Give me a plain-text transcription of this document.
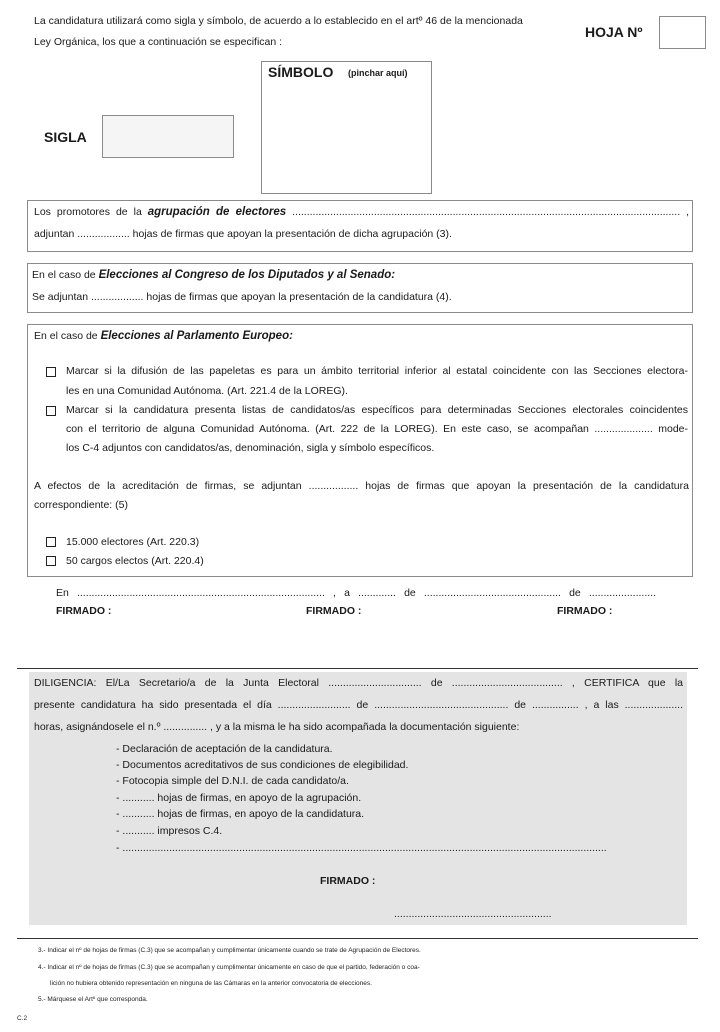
La candidatura utilizará como sigla y símbolo, de acuerdo a lo establecido en el artº 46 de la mencionada
Ley Orgánica, los que a continuación se especifican :
HOJA Nº
SÍMBOLO (pinchar aquí)
SIGLA
Los promotores de la agrupación de electores ..................................................................................................................................... ,
adjuntan .................. hojas de firmas que apoyan la presentación de dicha agrupación (3).
En el caso de Elecciones al Congreso de los Diputados y al Senado:
Se adjuntan .................. hojas de firmas que apoyan la presentación de la candidatura (4).
En el caso de Elecciones al Parlamento Europeo:
Marcar si la difusión de las papeletas es para un ámbito territorial inferior al estatal coincidente con las Secciones electora-
les en una Comunidad Autónoma. (Art. 221.4 de la LOREG).
Marcar si la candidatura presenta listas de candidatos/as específicos para determinadas Secciones electorales coincidentes
con el territorio de alguna Comunidad Autónoma. (Art. 222 de la LOREG). En este caso, se acompañan .................... mode-
los C-4 adjuntos con candidatos/as, denominación, sigla y símbolo específicos.
A efectos de la acreditación de firmas, se adjuntan ................. hojas de firmas que apoyan la presentación de la candidatura
correspondiente: (5)
15.000 electores (Art. 220.3)
50 cargos electos (Art. 220.4)
En ..................................................................................... , a ............. de ............................................... de .......................
FIRMADO :	FIRMADO :	FIRMADO :
DILIGENCIA: El/La Secretario/a de la Junta Electoral ................................ de ...................................... , CERTIFICA que la
presente candidatura ha sido presentada el día ......................... de .............................................. de ................ , a las ....................
horas, asignándosele el n.º ............... , y a la misma le ha sido acompañada la documentación siguiente:
- Declaración de aceptación de la candidatura.
- Documentos acreditativos de sus condiciones de elegibilidad.
- Fotocopia simple del D.N.I. de cada candidato/a.
- ........... hojas de firmas, en apoyo de la agrupación.
- ........... hojas de firmas, en apoyo de la candidatura.
- ........... impresos C.4.
- ......................................................................................................................................................................
FIRMADO :
......................................................
3.- Indicar el nº de hojas de firmas (C.3) que se acompañan y cumplimentar únicamente cuando se trate de Agrupación de Electores.
4.- Indicar el nº de hojas de firmas (C.3) que se acompañan y cumplimentar únicamente en caso de que el partido, federación o coa-
lición no hubiera obtenido representación en ninguna de las Cámaras en la anterior convocatoria de elecciones.
5.- Márquese el Artº que corresponda.
C.2
